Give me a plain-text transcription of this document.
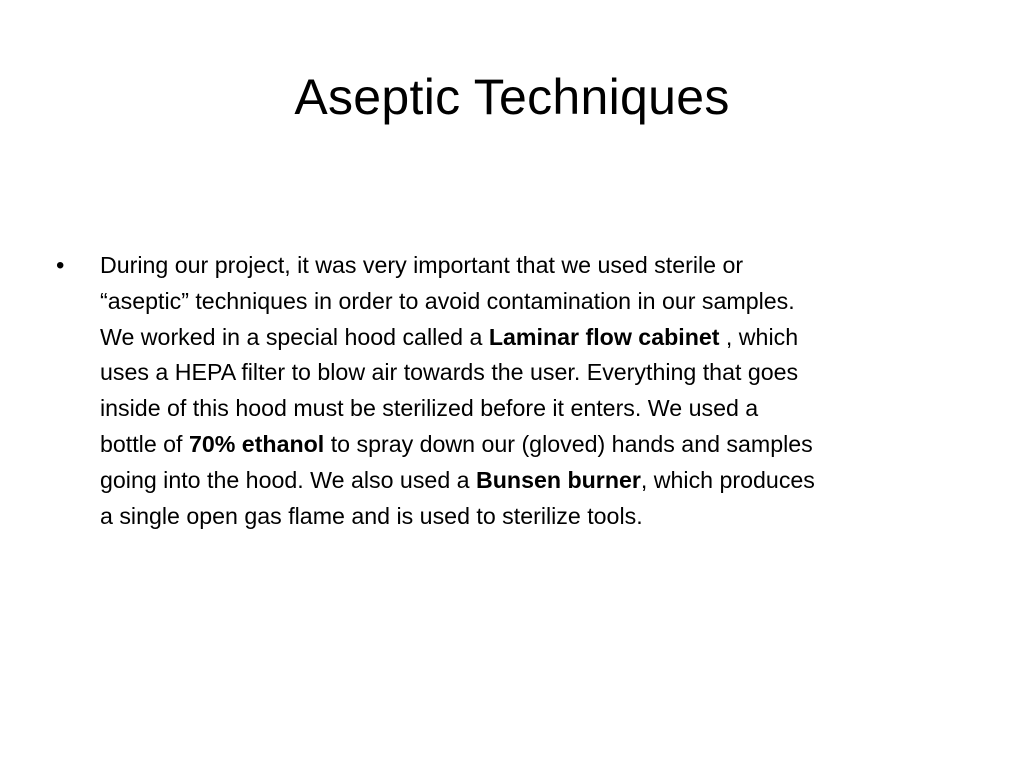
Aseptic Techniques
• During our project, it was very important that we used sterile or
“aseptic” techniques in order to avoid contamination in our samples.
We worked in a special hood called a Laminar flow cabinet , which
uses a HEPA filter to blow air towards the user. Everything that goes
inside of this hood must be sterilized before it enters. We used a
bottle of 70% ethanol to spray down our (gloved) hands and samples
going into the hood. We also used a Bunsen burner, which produces
a single open gas flame and is used to sterilize tools.
